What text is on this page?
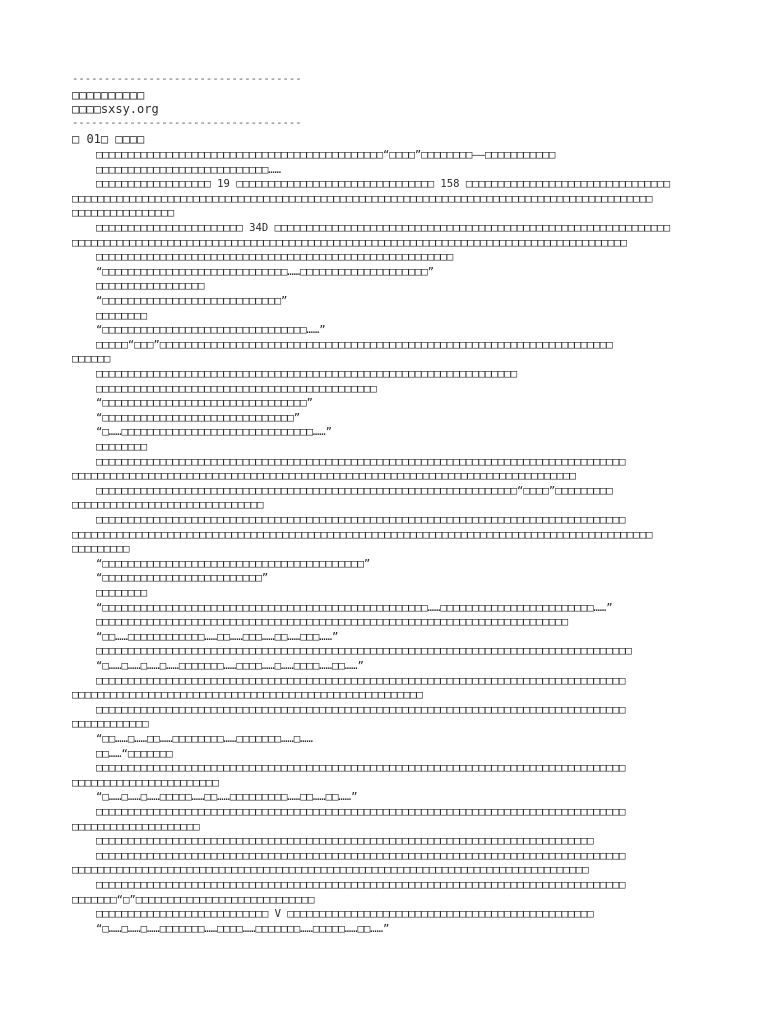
------------------------------------
□□□□□□□□□□
□□□□sxsy.org
------------------------------------
□ 01□ □□□□
□□□□□□□□□□□□□□□□□□□□□□□□□□□□□□□□□□□□□□□□□□□□□“□□□□”□□□□□□□□——□□□□□□□□□□□
□□□□□□□□□□□□□□□□□□□□□□□□□□□……
□□□□□□□□□□□□□□□□□□ 19 □□□□□□□□□□□□□□□□□□□□□□□□□□□□□□□ 158 □□□□□□□□□□□□□□□□□□□□□□□□□□□□□□□□
□□□□□□□□□□□□□□□□□□□□□□□□□□□□□□□□□□□□□□□□□□□□□□□□□□□□□□□□□□□□□□□□□□□□□□□□□□□□□□□□□□□□□□□□□□□
□□□□□□□□□□□□□□□□
□□□□□□□□□□□□□□□□□□□□□□□ 34D □□□□□□□□□□□□□□□□□□□□□□□□□□□□□□□□□□□□□□□□□□□□□□□□□□□□□□□□□□□□□□
□□□□□□□□□□□□□□□□□□□□□□□□□□□□□□□□□□□□□□□□□□□□□□□□□□□□□□□□□□□□□□□□□□□□□□□□□□□□□□□□□□□□□□□
□□□□□□□□□□□□□□□□□□□□□□□□□□□□□□□□□□□□□□□□□□□□□□□□□□□□□□□□
“□□□□□□□□□□□□□□□□□□□□□□□□□□□□□……□□□□□□□□□□□□□□□□□□□□”
□□□□□□□□□□□□□□□□□
“□□□□□□□□□□□□□□□□□□□□□□□□□□□□”
□□□□□□□□
“□□□□□□□□□□□□□□□□□□□□□□□□□□□□□□□□……”
□□□□□“□□□”□□□□□□□□□□□□□□□□□□□□□□□□□□□□□□□□□□□□□□□□□□□□□□□□□□□□□□□□□□□□□□□□□□□□□□□
□□□□□□
□□□□□□□□□□□□□□□□□□□□□□□□□□□□□□□□□□□□□□□□□□□□□□□□□□□□□□□□□□□□□□□□□□
□□□□□□□□□□□□□□□□□□□□□□□□□□□□□□□□□□□□□□□□□□□□
“□□□□□□□□□□□□□□□□□□□□□□□□□□□□□□□□”
“□□□□□□□□□□□□□□□□□□□□□□□□□□□□□□”
“□……□□□□□□□□□□□□□□□□□□□□□□□□□□□□□□……”
□□□□□□□□
□□□□□□□□□□□□□□□□□□□□□□□□□□□□□□□□□□□□□□□□□□□□□□□□□□□□□□□□□□□□□□□□□□□□□□□□□□□□□□□□□□□
□□□□□□□□□□□□□□□□□□□□□□□□□□□□□□□□□□□□□□□□□□□□□□□□□□□□□□□□□□□□□□□□□□□□□□□□□□□□□□□
□□□□□□□□□□□□□□□□□□□□□□□□□□□□□□□□□□□□□□□□□□□□□□□□□□□□□□□□□□□□□□□□□□“□□□□”□□□□□□□□□
□□□□□□□□□□□□□□□□□□□□□□□□□□□□□□
□□□□□□□□□□□□□□□□□□□□□□□□□□□□□□□□□□□□□□□□□□□□□□□□□□□□□□□□□□□□□□□□□□□□□□□□□□□□□□□□□□□
□□□□□□□□□□□□□□□□□□□□□□□□□□□□□□□□□□□□□□□□□□□□□□□□□□□□□□□□□□□□□□□□□□□□□□□□□□□□□□□□□□□□□□□□□□□
□□□□□□□□□
“□□□□□□□□□□□□□□□□□□□□□□□□□□□□□□□□□□□□□□□□□”
“□□□□□□□□□□□□□□□□□□□□□□□□□”
□□□□□□□□
“□□□□□□□□□□□□□□□□□□□□□□□□□□□□□□□□□□□□□□□□□□□□□□□□□□□……□□□□□□□□□□□□□□□□□□□□□□□□……”
□□□□□□□□□□□□□□□□□□□□□□□□□□□□□□□□□□□□□□□□□□□□□□□□□□□□□□□□□□□□□□□□□□□□□□□□□□
“□□……□□□□□□□□□□□□……□□……□□□……□□……□□□……”
□□□□□□□□□□□□□□□□□□□□□□□□□□□□□□□□□□□□□□□□□□□□□□□□□□□□□□□□□□□□□□□□□□□□□□□□□□□□□□□□□□□□
“□……□……□……□……□□□□□□□……□□□□……□……□□□□……□□……”
□□□□□□□□□□□□□□□□□□□□□□□□□□□□□□□□□□□□□□□□□□□□□□□□□□□□□□□□□□□□□□□□□□□□□□□□□□□□□□□□□□□
□□□□□□□□□□□□□□□□□□□□□□□□□□□□□□□□□□□□□□□□□□□□□□□□□□□□□□□
□□□□□□□□□□□□□□□□□□□□□□□□□□□□□□□□□□□□□□□□□□□□□□□□□□□□□□□□□□□□□□□□□□□□□□□□□□□□□□□□□□□
□□□□□□□□□□□□
“□□……□……□□……□□□□□□□□……□□□□□□□……□……
□□……“□□□□□□□
□□□□□□□□□□□□□□□□□□□□□□□□□□□□□□□□□□□□□□□□□□□□□□□□□□□□□□□□□□□□□□□□□□□□□□□□□□□□□□□□□□□
□□□□□□□□□□□□□□□□□□□□□□□
“□……□……□……□□□□□……□□……□□□□□□□□□……□□……□□……”
□□□□□□□□□□□□□□□□□□□□□□□□□□□□□□□□□□□□□□□□□□□□□□□□□□□□□□□□□□□□□□□□□□□□□□□□□□□□□□□□□□□
□□□□□□□□□□□□□□□□□□□□
□□□□□□□□□□□□□□□□□□□□□□□□□□□□□□□□□□□□□□□□□□□□□□□□□□□□□□□□□□□□□□□□□□□□□□□□□□□□□□
□□□□□□□□□□□□□□□□□□□□□□□□□□□□□□□□□□□□□□□□□□□□□□□□□□□□□□□□□□□□□□□□□□□□□□□□□□□□□□□□□□□
□□□□□□□□□□□□□□□□□□□□□□□□□□□□□□□□□□□□□□□□□□□□□□□□□□□□□□□□□□□□□□□□□□□□□□□□□□□□□□□□□
□□□□□□□□□□□□□□□□□□□□□□□□□□□□□□□□□□□□□□□□□□□□□□□□□□□□□□□□□□□□□□□□□□□□□□□□□□□□□□□□□□□
□□□□□□□“□”□□□□□□□□□□□□□□□□□□□□□□□□□□□□
□□□□□□□□□□□□□□□□□□□□□□□□□□□ V □□□□□□□□□□□□□□□□□□□□□□□□□□□□□□□□□□□□□□□□□□□□□□□□
“□……□……□……□□□□□□□……□□□□……□□□□□□□……□□□□□……□□……”
